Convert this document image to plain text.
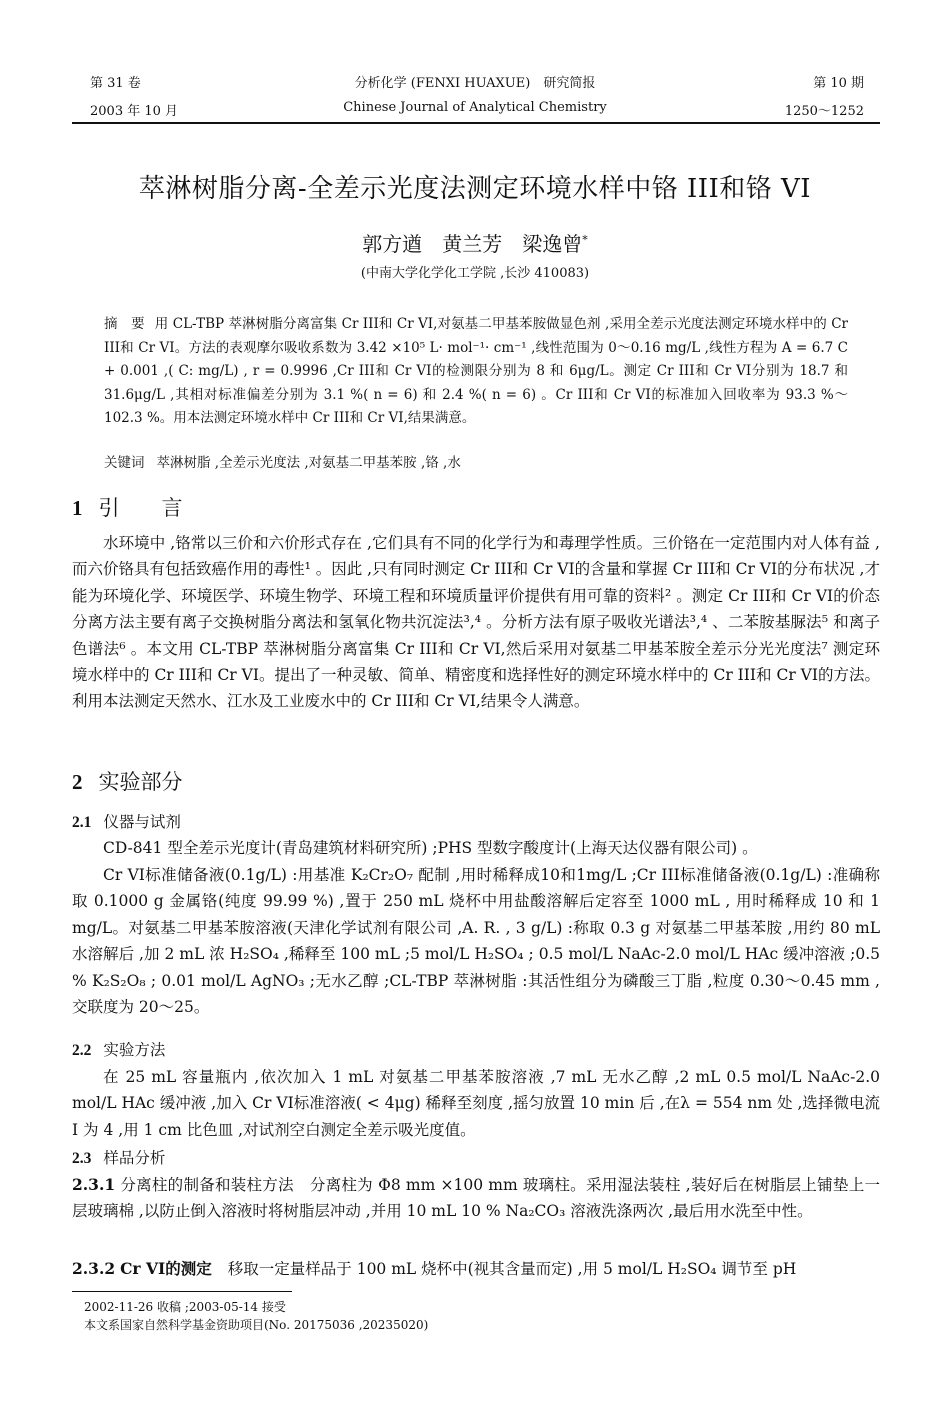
第 31 卷	分析化学 (FENXI HUAXUE)　研究简报	第 10 期
2003 年 10 月	Chinese Journal of Analytical Chemistry	1250～1252
萃淋树脂分离-全差示光度法测定环境水样中铬 III和铬 VI
郭方遒　黄兰芳　梁逸曾*
(中南大学化学化工学院 ,长沙 410083)
摘　要 用 CL-TBP 萃淋树脂分离富集 Cr III和 Cr VI,对氨基二甲基苯胺做显色剂 ,采用全差示光度法测定环境水样中的 Cr III和 Cr VI。方法的表观摩尔吸收系数为 3.42 ×10⁵ L· mol⁻¹· cm⁻¹ ,线性范围为 0～0.16 mg/L ,线性方程为 A = 6.7 C + 0.001 ,( C: mg/L) , r = 0.9996 ,Cr III和 Cr VI的检测限分别为 8 和 6μg/L。测定 Cr III和 Cr VI分别为 18.7 和 31.6μg/L ,其相对标准偏差分别为 3.1 %( n = 6) 和 2.4 %( n = 6) 。Cr III和 Cr VI的标准加入回收率为 93.3 %～102.3 %。用本法测定环境水样中 Cr III和 Cr VI,结果满意。
关键词 萃淋树脂 ,全差示光度法 ,对氨基二甲基苯胺 ,铬 ,水
1 引　　言
水环境中 ,铬常以三价和六价形式存在 ,它们具有不同的化学行为和毒理学性质。三价铬在一定范围内对人体有益 ,而六价铬具有包括致癌作用的毒性¹ 。因此 ,只有同时测定 Cr III和 Cr VI的含量和掌握 Cr III和 Cr VI的分布状况 ,才能为环境化学、环境医学、环境生物学、环境工程和环境质量评价提供有用可靠的资料² 。测定 Cr III和 Cr VI的价态分离方法主要有离子交换树脂分离法和氢氧化物共沉淀法³,⁴ 。分析方法有原子吸收光谱法³,⁴ 、二苯胺基脲法⁵ 和离子色谱法⁶ 。本文用 CL-TBP 萃淋树脂分离富集 Cr III和 Cr VI,然后采用对氨基二甲基苯胺全差示分光光度法⁷ 测定环境水样中的 Cr III和 Cr VI。提出了一种灵敏、简单、精密度和选择性好的测定环境水样中的 Cr III和 Cr VI的方法。利用本法测定天然水、江水及工业废水中的 Cr III和 Cr VI,结果令人满意。
2 实验部分
2.1 仪器与试剂
CD-841 型全差示光度计(青岛建筑材料研究所) ;PHS 型数字酸度计(上海天达仪器有限公司) 。
Cr VI标准储备液(0.1g/L) :用基准 K₂Cr₂O₇ 配制 ,用时稀释成10和1mg/L ;Cr III标准储备液(0.1g/L) :准确称取 0.1000 g 金属铬(纯度 99.99 %) ,置于 250 mL 烧杯中用盐酸溶解后定容至 1000 mL , 用时稀释成 10 和 1 mg/L。对氨基二甲基苯胺溶液(天津化学试剂有限公司 ,A. R. , 3 g/L) :称取 0.3 g 对氨基二甲基苯胺 ,用约 80 mL 水溶解后 ,加 2 mL 浓 H₂SO₄ ,稀释至 100 mL ;5 mol/L H₂SO₄ ; 0.5 mol/L NaAc-2.0 mol/L HAc 缓冲溶液 ;0.5 % K₂S₂O₈ ; 0.01 mol/L AgNO₃ ;无水乙醇 ;CL-TBP 萃淋树脂 :其活性组分为磷酸三丁脂 ,粒度 0.30～0.45 mm ,交联度为 20～25。
2.2 实验方法
在 25 mL 容量瓶内 ,依次加入 1 mL 对氨基二甲基苯胺溶液 ,7 mL 无水乙醇 ,2 mL 0.5 mol/L NaAc-2.0 mol/L HAc 缓冲液 ,加入 Cr VI标准溶液( < 4μg) 稀释至刻度 ,摇匀放置 10 min 后 ,在λ = 554 nm 处 ,选择微电流 I 为 4 ,用 1 cm 比色皿 ,对试剂空白测定全差示吸光度值。
2.3 样品分析
2.3.1 分离柱的制备和装柱方法 分离柱为 Φ8 mm ×100 mm 玻璃柱。采用湿法装柱 ,装好后在树脂层上铺垫上一层玻璃棉 ,以防止倒入溶液时将树脂层冲动 ,并用 10 mL 10 % Na₂CO₃ 溶液洗涤两次 ,最后用水洗至中性。
2.3.2 Cr VI的测定 移取一定量样品于 100 mL 烧杯中(视其含量而定) ,用 5 mol/L H₂SO₄ 调节至 pH
2002-11-26 收稿 ;2003-05-14 接受
本文系国家自然科学基金资助项目(No. 20175036 ,20235020)
